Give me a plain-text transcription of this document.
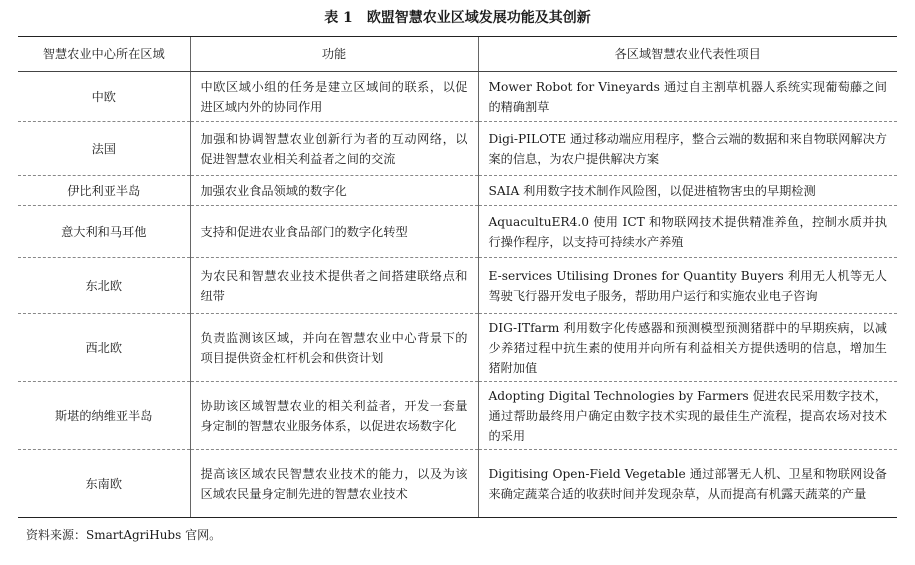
表 1 欧盟智慧农业区域发展功能及其创新
智慧农业中心所在区域	功能	各区域智慧农业代表性项目
中欧	中欧区域小组的任务是建立区域间的联系，以促进区域内外的协同作用	Mower Robot for Vineyards 通过自主割草机器人系统实现葡萄藤之间的精确割草
法国	加强和协调智慧农业创新行为者的互动网络，以促进智慧农业相关利益者之间的交流	Digi-PILOTE 通过移动端应用程序，整合云端的数据和来自物联网解决方案的信息，为农户提供解决方案
伊比利亚半岛	加强农业食品领域的数字化	SAIA 利用数字技术制作风险图，以促进植物害虫的早期检测
意大利和马耳他	支持和促进农业食品部门的数字化转型	AquacultuER4.0 使用 ICT 和物联网技术提供精准养鱼，控制水质并执行操作程序，以支持可持续水产养殖
东北欧	为农民和智慧农业技术提供者之间搭建联络点和纽带	E-services Utilising Drones for Quantity Buyers 利用无人机等无人驾驶飞行器开发电子服务，帮助用户运行和实施农业电子咨询
西北欧	负责监测该区域，并向在智慧农业中心背景下的项目提供资金杠杆机会和供资计划	DIG-ITfarm 利用数字化传感器和预测模型预测猪群中的早期疾病，以减少养猪过程中抗生素的使用并向所有利益相关方提供透明的信息，增加生猪附加值
斯堪的纳维亚半岛	协助该区域智慧农业的相关利益者，开发一套量身定制的智慧农业服务体系，以促进农场数字化	Adopting Digital Technologies by Farmers 促进农民采用数字技术，通过帮助最终用户确定由数字技术实现的最佳生产流程，提高农场对技术的采用
东南欧	提高该区域农民智慧农业技术的能力，以及为该区域农民量身定制先进的智慧农业技术	Digitising Open-Field Vegetable 通过部署无人机、卫星和物联网设备来确定蔬菜合适的收获时间并发现杂草，从而提高有机露天蔬菜的产量
资料来源：SmartAgriHubs 官网。
